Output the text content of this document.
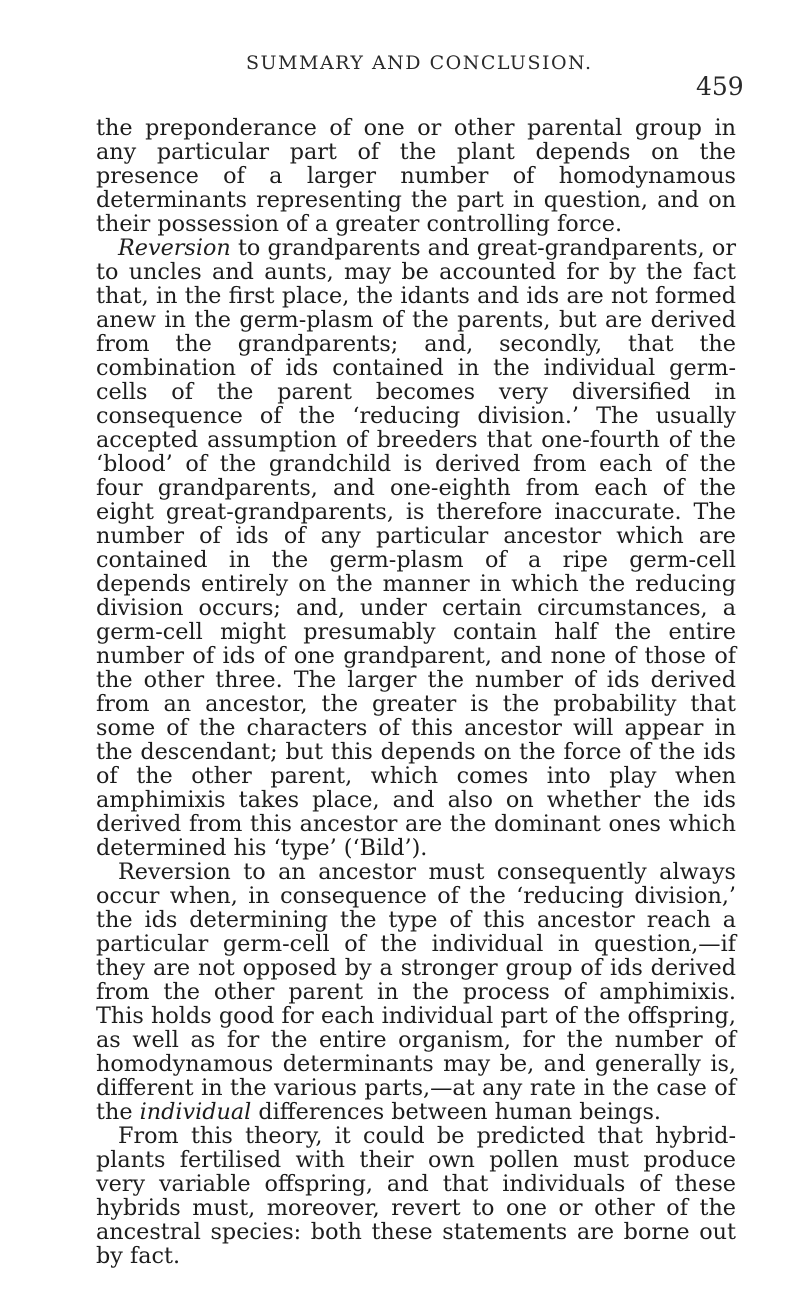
SUMMARY AND CONCLUSION.
459

the preponderance of one or other parental group in any particular part of the plant depends on the presence of a larger number of homodynamous determinants representing the part in question, and on their possession of a greater controlling force.

Reversion to grandparents and great-grandparents, or to uncles and aunts, may be accounted for by the fact that, in the first place, the idants and ids are not formed anew in the germ-plasm of the parents, but are derived from the grandparents; and, secondly, that the combination of ids contained in the individual germ-cells of the parent becomes very diversified in consequence of the ‘reducing division.’ The usually accepted assumption of breeders that one-fourth of the ‘blood’ of the grandchild is derived from each of the four grandparents, and one-eighth from each of the eight great-grandparents, is therefore inaccurate. The number of ids of any particular ancestor which are contained in the germ-plasm of a ripe germ-cell depends entirely on the manner in which the reducing division occurs; and, under certain circumstances, a germ-cell might presumably contain half the entire number of ids of one grandparent, and none of those of the other three. The larger the number of ids derived from an ancestor, the greater is the probability that some of the characters of this ancestor will appear in the descendant; but this depends on the force of the ids of the other parent, which comes into play when amphimixis takes place, and also on whether the ids derived from this ancestor are the dominant ones which determined his ‘type’ (‘Bild’).

Reversion to an ancestor must consequently always occur when, in consequence of the ‘reducing division,’ the ids determining the type of this ancestor reach a particular germ-cell of the individual in question,—if they are not opposed by a stronger group of ids derived from the other parent in the process of amphimixis. This holds good for each individual part of the offspring, as well as for the entire organism, for the number of homodynamous determinants may be, and generally is, different in the various parts,—at any rate in the case of the individual differences between human beings.

From this theory, it could be predicted that hybrid-plants fertilised with their own pollen must produce very variable offspring, and that individuals of these hybrids must, moreover, revert to one or other of the ancestral species: both these statements are borne out by fact.
